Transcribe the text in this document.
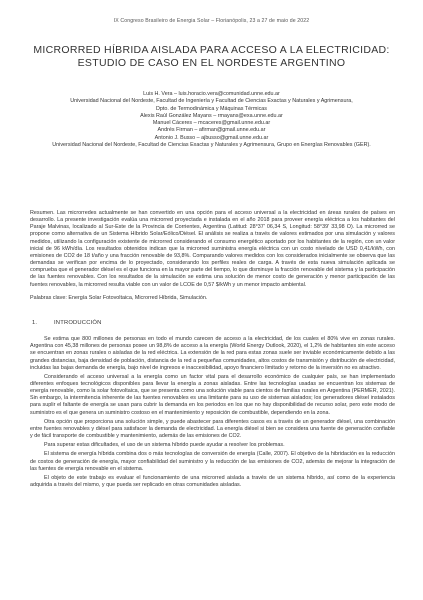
IX Congreso Brasileiro de Energia Solar – Florianópolis, 23 a 27 de maio de 2022
MICRORRED HÍBRIDA AISLADA PARA ACCESO A LA ELECTRICIDAD: ESTUDIO DE CASO EN EL NORDESTE ARGENTINO
Luis H. Vera – luis.horacio.vera@comunidad.unne.edu.ar
Universidad Nacional del Nordeste, Facultad de Ingeniería y Facultad de Ciencias Exactas y Naturales y Agrimensura,
Dpto. de Termodinámica y Máquinas Térmicas
Alexis Raúl González Mayans – rmayans@exa.unne.edu.ar
Manuel Cáceres – mcaceres@gmail.unne.edu.ar
Andrés Firman – afirman@gmail.unne.edu.ar
Antonio J. Busso – ajbusso@gmail.unne.edu.ar
Universidad Nacional del Nordeste, Facultad de Ciencias Exactas y Naturales y Agrimensura, Grupo en Energías Renovables (GER).

Resumen. Las microrredes actualmente se han convertido en una opción para el acceso universal a la electricidad en áreas rurales de países en desarrollo. La presente investigación evalúa una microrred proyectada e instalada en el año 2018 para proveer energía eléctrica a los habitantes del Paraje Malvinas, localizado al Sur-Este de la Provincia de Corrientes, Argentina (Latitud: 28°37' 06,34 S, Longitud: 58°39' 33,98 O). La microrred se propone como alternativa de un Sistema Híbrido Solar/Eólico/Diésel. El análisis se realiza a través de valores estimados por una simulación y valores medidos, utilizando la configuración existente de microrred considerando el consumo energético aportado por los habitantes de la región, con un valor inicial de 96 kWh/día. Los resultados obtenidos indican que la microrred suministra energía eléctrica con un costo nivelado de USD 0,41/kWh, con emisiones de CO2 de 18 t/año y una fracción renovable de 93,8%. Comparando valores medidos con los considerados inicialmente se observa que las demandas se verifican por encima de lo proyectado, considerando los perfiles reales de carga. A través de esta nueva simulación aplicada se comprueba que el generador diésel es el que funciona en la mayor parte del tiempo, lo que disminuye la fracción renovable del sistema y la participación de las fuentes renovables. Con los resultados de la simulación se estima una solución de menor costo de generación y menor participación de las fuentes renovables, la microrred resulta viable con un valor de LCOE de 0,57 $/kWh y un menor impacto ambiental.

Palabras clave: Energía Solar Fotovoltaica, Microrred Híbrida, Simulación.

1.	INTRODUCCIÓN

Se estima que 800 millones de personas en todo el mundo carecen de acceso a la electricidad, de los cuales el 80% vive en zonas rurales. Argentina con 45,38 millones de personas posee un 98,8% de acceso a la energía (World Energy Outlook, 2020), el 1,2% de habitantes sin este acceso se encuentran en zonas rurales o aisladas de la red eléctrica. La extensión de la red para estas zonas suele ser inviable económicamente debido a las grandes distancias, baja densidad de población, distancia de la red a pequeñas comunidades, altos costos de transmisión y distribución de electricidad, incluidas las bajas demanda de energía, bajo nivel de ingresos e inaccesibilidad, apoyo financiero limitado y retorno de la inversión no es atractivo.

Considerando el acceso universal a la energía como un factor vital para el desarrollo económico de cualquier país, se han implementado diferentes enfoques tecnológicos disponibles para llevar la energía a zonas aisladas. Entre las tecnologías usadas se encuentran los sistemas de energía renovable, como la solar fotovoltaica, que se presenta como una solución viable para cientos de familias rurales en Argentina (PERMER, 2021). Sin embargo, la intermitencia inherente de las fuentes renovables es una limitante para su uso de sistemas aislados; los generadores diésel instalados para suplir el faltante de energía se usan para cubrir la demanda en los periodos en los que no hay disponibilidad de recurso solar, pero este modo de suministro es el que genera un suministro costoso en el mantenimiento y reposición de combustible, dependiendo en la zona.

Otra opción que proporciona una solución simple, y puede abastecer para diferentes casos es a través de un generador diésel, una combinación entre fuentes renovables y diésel para satisfacer la demanda de electricidad. La energía diésel si bien se considera una fuente de generación confiable y de fácil transporte de combustible y mantenimiento, además de las emisiones de CO2.

Para superar estas dificultades, el uso de un sistema híbrido puede ayudar a resolver los problemas.

El sistema de energía híbrida combina dos o más tecnologías de conversión de energía (Calle, 2007). El objetivo de la hibridación es la reducción de costos de generación de energía, mayor confiabilidad del suministro y la reducción de las emisiones de CO2, además de mejorar la integración de las fuentes de energía renovable en el sistema.

El objeto de este trabajo es evaluar el funcionamiento de una microrred aislada a través de un sistema híbrido, así como de la experiencia adquirida a través del mismo, y que pueda ser replicado en otras comunidades aisladas.
